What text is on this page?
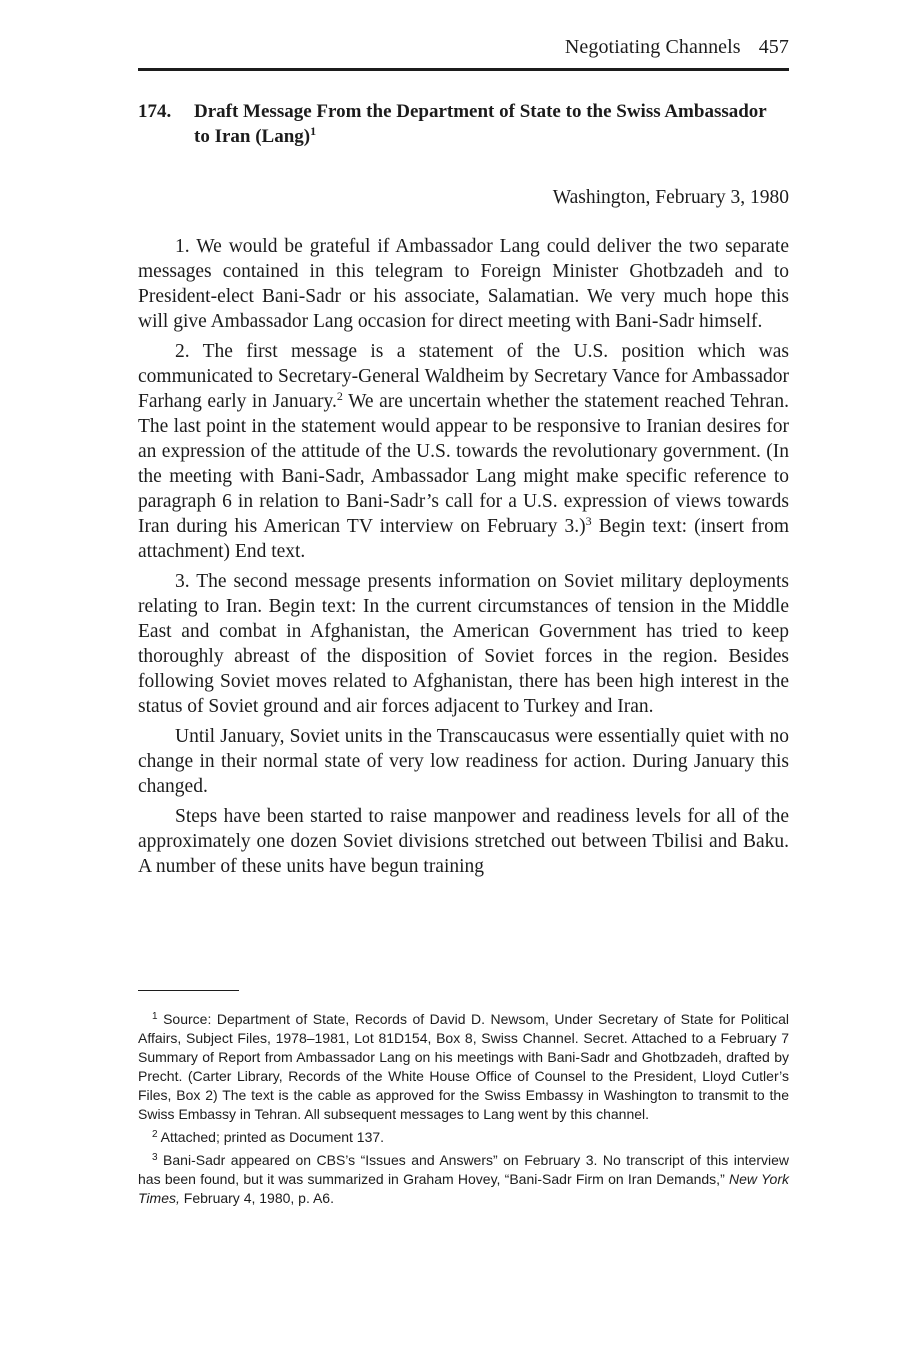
Negotiating Channels 457
174. Draft Message From the Department of State to the Swiss Ambassador to Iran (Lang)$^1$
Washington, February 3, 1980

1. We would be grateful if Ambassador Lang could deliver the two separate messages contained in this telegram to Foreign Minister Ghotbzadeh and to President-elect Bani-Sadr or his associate, Salamatian. We very much hope this will give Ambassador Lang occasion for direct meeting with Bani-Sadr himself.

2. The first message is a statement of the U.S. position which was communicated to Secretary-General Waldheim by Secretary Vance for Ambassador Farhang early in January.$^2$ We are uncertain whether the statement reached Tehran. The last point in the statement would appear to be responsive to Iranian desires for an expression of the attitude of the U.S. towards the revolutionary government. (In the meeting with Bani-Sadr, Ambassador Lang might make specific reference to paragraph 6 in relation to Bani-Sadr’s call for a U.S. expression of views towards Iran during his American TV interview on February 3.)$^3$ Begin text: (insert from attachment) End text.

3. The second message presents information on Soviet military deployments relating to Iran. Begin text: In the current circumstances of tension in the Middle East and combat in Afghanistan, the American Government has tried to keep thoroughly abreast of the disposition of Soviet forces in the region. Besides following Soviet moves related to Afghanistan, there has been high interest in the status of Soviet ground and air forces adjacent to Turkey and Iran.

Until January, Soviet units in the Transcaucasus were essentially quiet with no change in their normal state of very low readiness for action. During January this changed.

Steps have been started to raise manpower and readiness levels for all of the approximately one dozen Soviet divisions stretched out between Tbilisi and Baku. A number of these units have begun training

$^1$ Source: Department of State, Records of David D. Newsom, Under Secretary of State for Political Affairs, Subject Files, 1978–1981, Lot 81D154, Box 8, Swiss Channel. Secret. Attached to a February 7 Summary of Report from Ambassador Lang on his meetings with Bani-Sadr and Ghotbzadeh, drafted by Precht. (Carter Library, Records of the White House Office of Counsel to the President, Lloyd Cutler’s Files, Box 2) The text is the cable as approved for the Swiss Embassy in Washington to transmit to the Swiss Embassy in Tehran. All subsequent messages to Lang went by this channel.

$^2$ Attached; printed as Document 137.

$^3$ Bani-Sadr appeared on CBS’s “Issues and Answers” on February 3. No transcript of this interview has been found, but it was summarized in Graham Hovey, “Bani-Sadr Firm on Iran Demands,” New York Times, February 4, 1980, p. A6.
